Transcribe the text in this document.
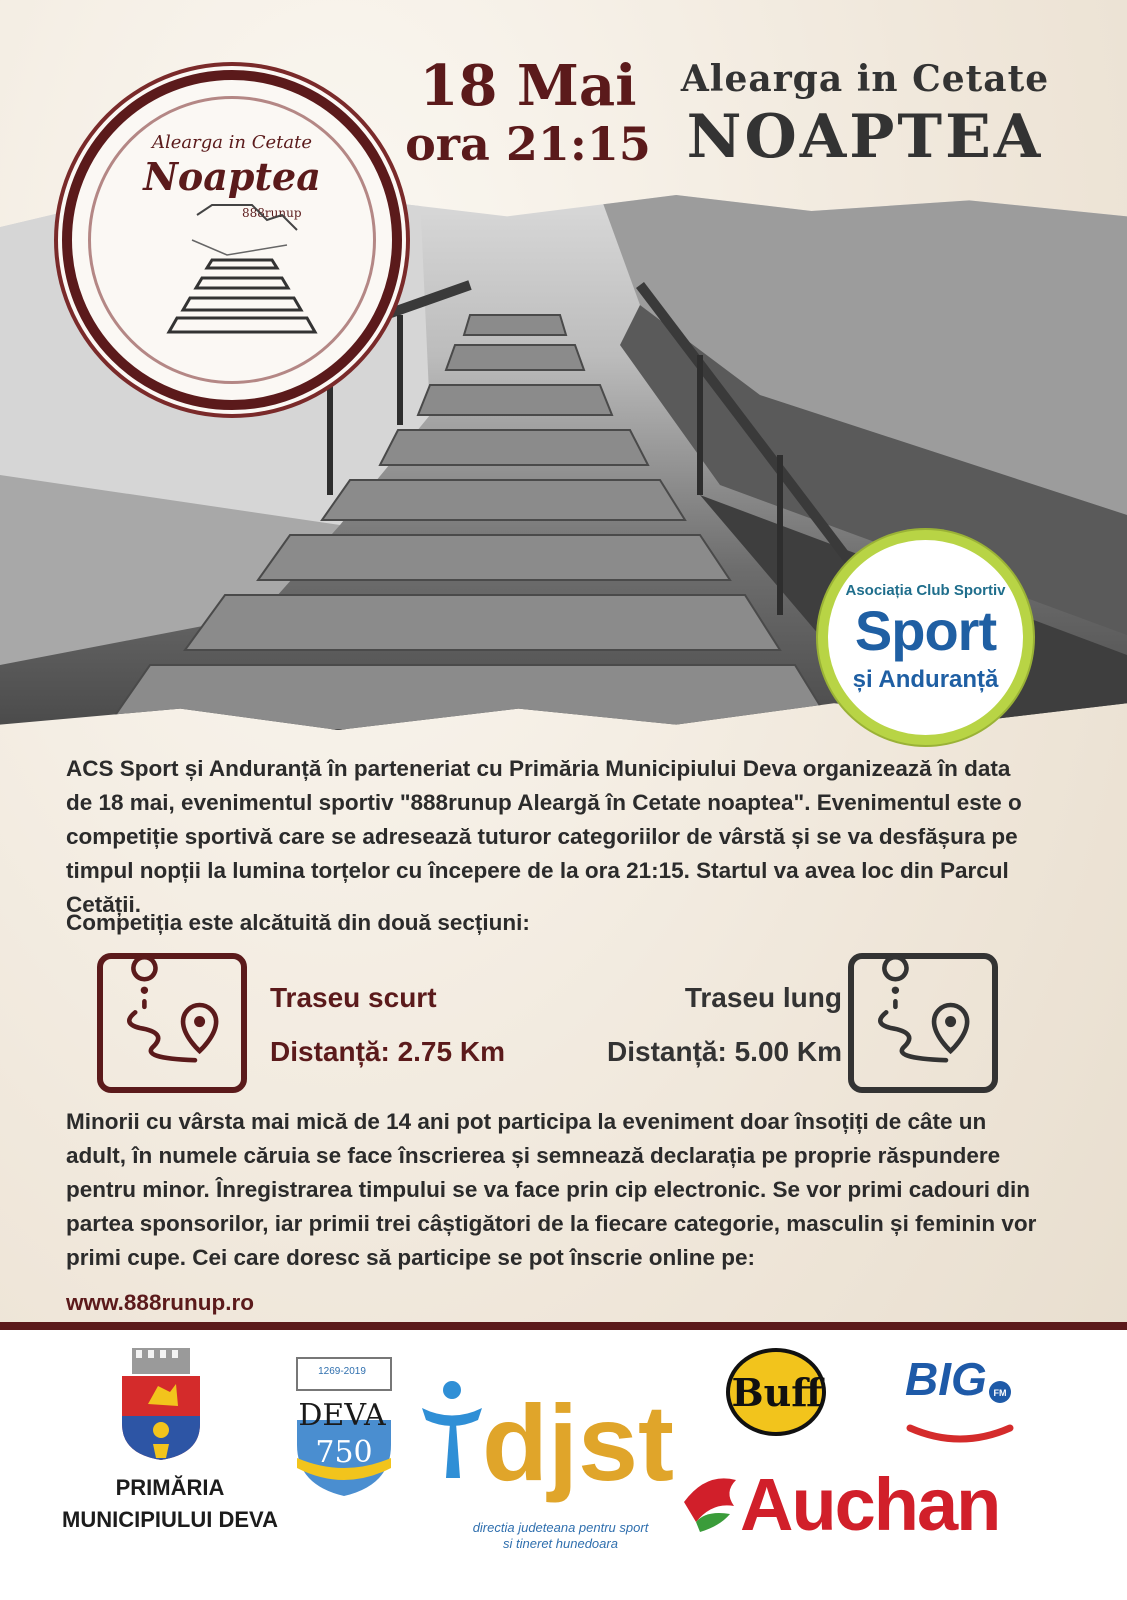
Alearga in Cetate
Noaptea
888runup
18 Mai
ora 21:15
Alearga in Cetate
NOAPTEA
Asociația Club Sportiv
Sport
și Anduranță
ACS Sport și Anduranță în parteneriat cu Primăria Municipiului Deva organizează în data de 18 mai, evenimentul sportiv "888runup Aleargă în Cetate noaptea". Evenimentul este o competiție sportivă care se adresează tuturor categoriilor de vârstă și se va desfășura pe timpul nopții la lumina torțelor cu începere de la ora 21:15. Startul va avea loc din Parcul Cetății.
Competiția este alcătuită din două secțiuni:
Traseu scurt
Distanță: 2.75 Km
Traseu lung
Distanță: 5.00 Km
Minorii cu vârsta mai mică de 14 ani pot participa la eveniment doar însoțiți de câte un adult, în numele căruia se face înscrierea și semnează declarația pe proprie răspundere pentru minor. Înregistrarea timpului se va face prin cip electronic. Se vor primi cadouri din partea sponsorilor, iar primii trei câștigători de la fiecare categorie, masculin și feminin vor primi cupe. Cei care doresc să participe se pot înscrie online pe:
www.888runup.ro
PRIMĂRIA
MUNICIPIULUI DEVA
750
1269-2019
DEVA djst
directia judeteana pentru sport si tineret hunedoara
Buff	FM
BIG
Auchan
